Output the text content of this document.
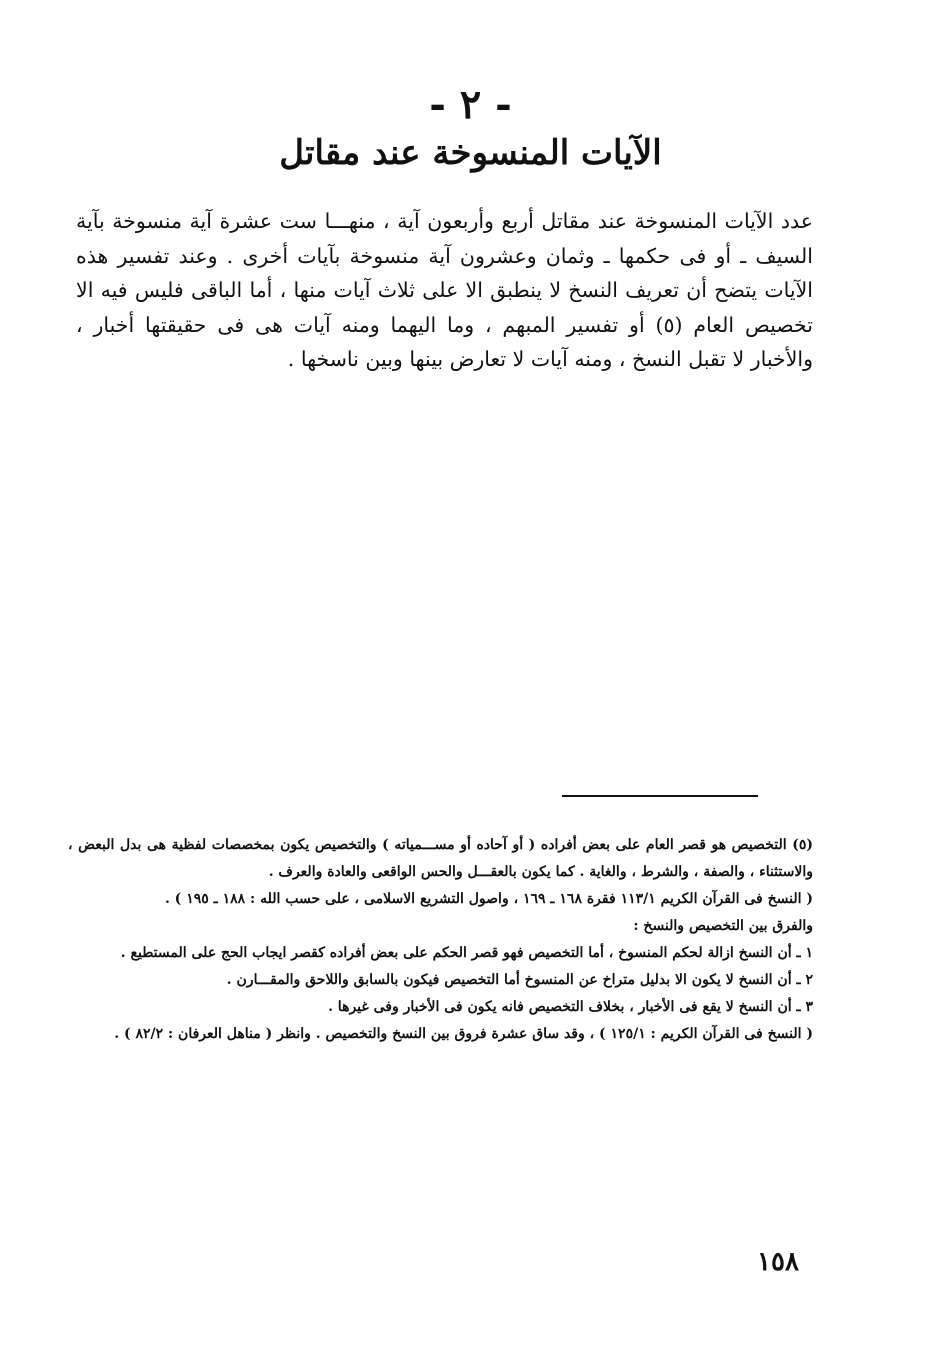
- ٢ -
الآيات المنسوخة عند مقاتل

عدد الآيات المنسوخة عند مقاتل أربع وأربعون آية ، منهـــا ست عشرة آية منسوخة بآية السيف ـ أو فى حكمها ـ وثمان وعشرون آية منسوخة بآيات أخرى . وعند تفسير هذه الآيات يتضح أن تعريف النسخ لا ينطبق الا على ثلاث آيات منها ، أما الباقى فليس فيه الا تخصيص العام (٥) أو تفسير المبهم ، وما اليهما ومنه آيات هى فى حقيقتها أخبار ، والأخبار لا تقبل النسخ ، ومنه آيات لا تعارض بينها وبين ناسخها .

(٥) التخصيص هو قصر العام على بعض أفراده ( أو آحاده أو مســـمياته ) والتخصيص يكون بمخصصات لفظية هى بدل البعض ، والاستثناء ، والصفة ، والشرط ، والغاية . كما يكون بالعقـــل والحس الواقعى والعادة والعرف .
( النسخ فى القرآن الكريم ١١٣/١ فقرة ١٦٨ ـ ١٦٩ ، واصول التشريع الاسلامى ، على حسب الله : ١٨٨ ـ ١٩٥ ) .
والفرق بين التخصيص والنسخ :
١ ـ أن النسخ ازالة لحكم المنسوخ ، أما التخصيص فهو قصر الحكم على بعض أفراده كقصر ايجاب الحج على المستطيع .
٢ ـ أن النسخ لا يكون الا بدليل متراخ عن المنسوخ أما التخصيص فيكون بالسابق واللاحق والمقـــارن .
٣ ـ أن النسخ لا يقع فى الأخبار ، بخلاف التخصيص فانه يكون فى الأخبار وفى غيرها .
( النسخ فى القرآن الكريم : ١٢٥/١ ) ، وقد ساق عشرة فروق بين النسخ والتخصيص . وانظر ( مناهل العرفان : ٨٢/٢ ) .
١٥٨
